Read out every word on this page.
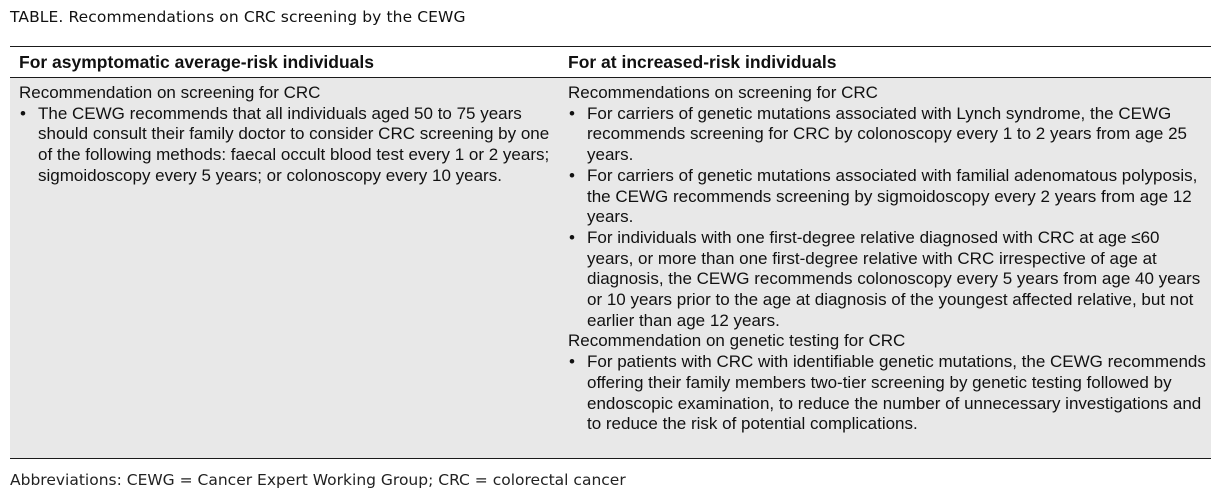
TABLE. Recommendations on CRC screening by the CEWG
For asymptomatic average-risk individuals	For at increased-risk individuals

Recommendation on screening for CRC

• The CEWG recommends that all individuals aged 50 to 75 years should consult their family doctor to consider CRC screening by one of the following methods: faecal occult blood test every 1 or 2 years; sigmoidoscopy every 5 years; or colonoscopy every 10 years.

Recommendations on screening for CRC

• For carriers of genetic mutations associated with Lynch syndrome, the CEWG recommends screening for CRC by colonoscopy every 1 to 2 years from age 25 years.
• For carriers of genetic mutations associated with familial adenomatous polyposis, the CEWG recommends screening by sigmoidoscopy every 2 years from age 12 years.
• For individuals with one first-degree relative diagnosed with CRC at age ≤60 years, or more than one first-degree relative with CRC irrespective of age at diagnosis, the CEWG recommends colonoscopy every 5 years from age 40 years or 10 years prior to the age at diagnosis of the youngest affected relative, but not earlier than age 12 years.

Recommendation on genetic testing for CRC

• For patients with CRC with identifiable genetic mutations, the CEWG recommends offering their family members two-tier screening by genetic testing followed by endoscopic examination, to reduce the number of unnecessary investigations and to reduce the risk of potential complications.
Abbreviations: CEWG = Cancer Expert Working Group; CRC = colorectal cancer
